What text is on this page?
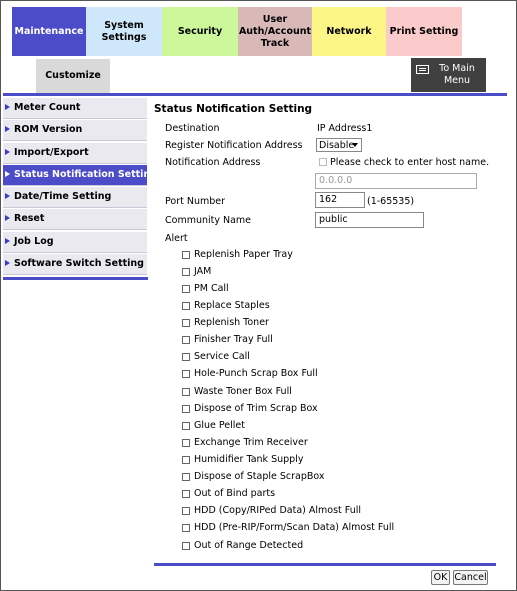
Maintenance
System Settings
Security
User
Auth/Account
Track
Network	Print Setting
Customize
To Main
Menu
Meter Count
ROM Version
Import/Export
Status Notification Setting
Date/Time Setting
Reset
Job Log
Software Switch Setting
Status Notification Setting
Destination	IP Address1
Register Notification Address	Disable
Notification Address	Please check to enter host name.
0.0.0.0
Port Number	162	(1-65535)
Community Name	public
Alert
Replenish Paper Tray
JAM
PM Call
Replace Staples
Replenish Toner
Finisher Tray Full
Service Call
Hole-Punch Scrap Box Full
Waste Toner Box Full
Dispose of Trim Scrap Box
Glue Pellet
Exchange Trim Receiver
Humidifier Tank Supply
Dispose of Staple ScrapBox
Out of Bind parts
HDD (Copy/RIPed Data) Almost Full
HDD (Pre-RIP/Form/Scan Data) Almost Full
Out of Range Detected
OK Cancel
